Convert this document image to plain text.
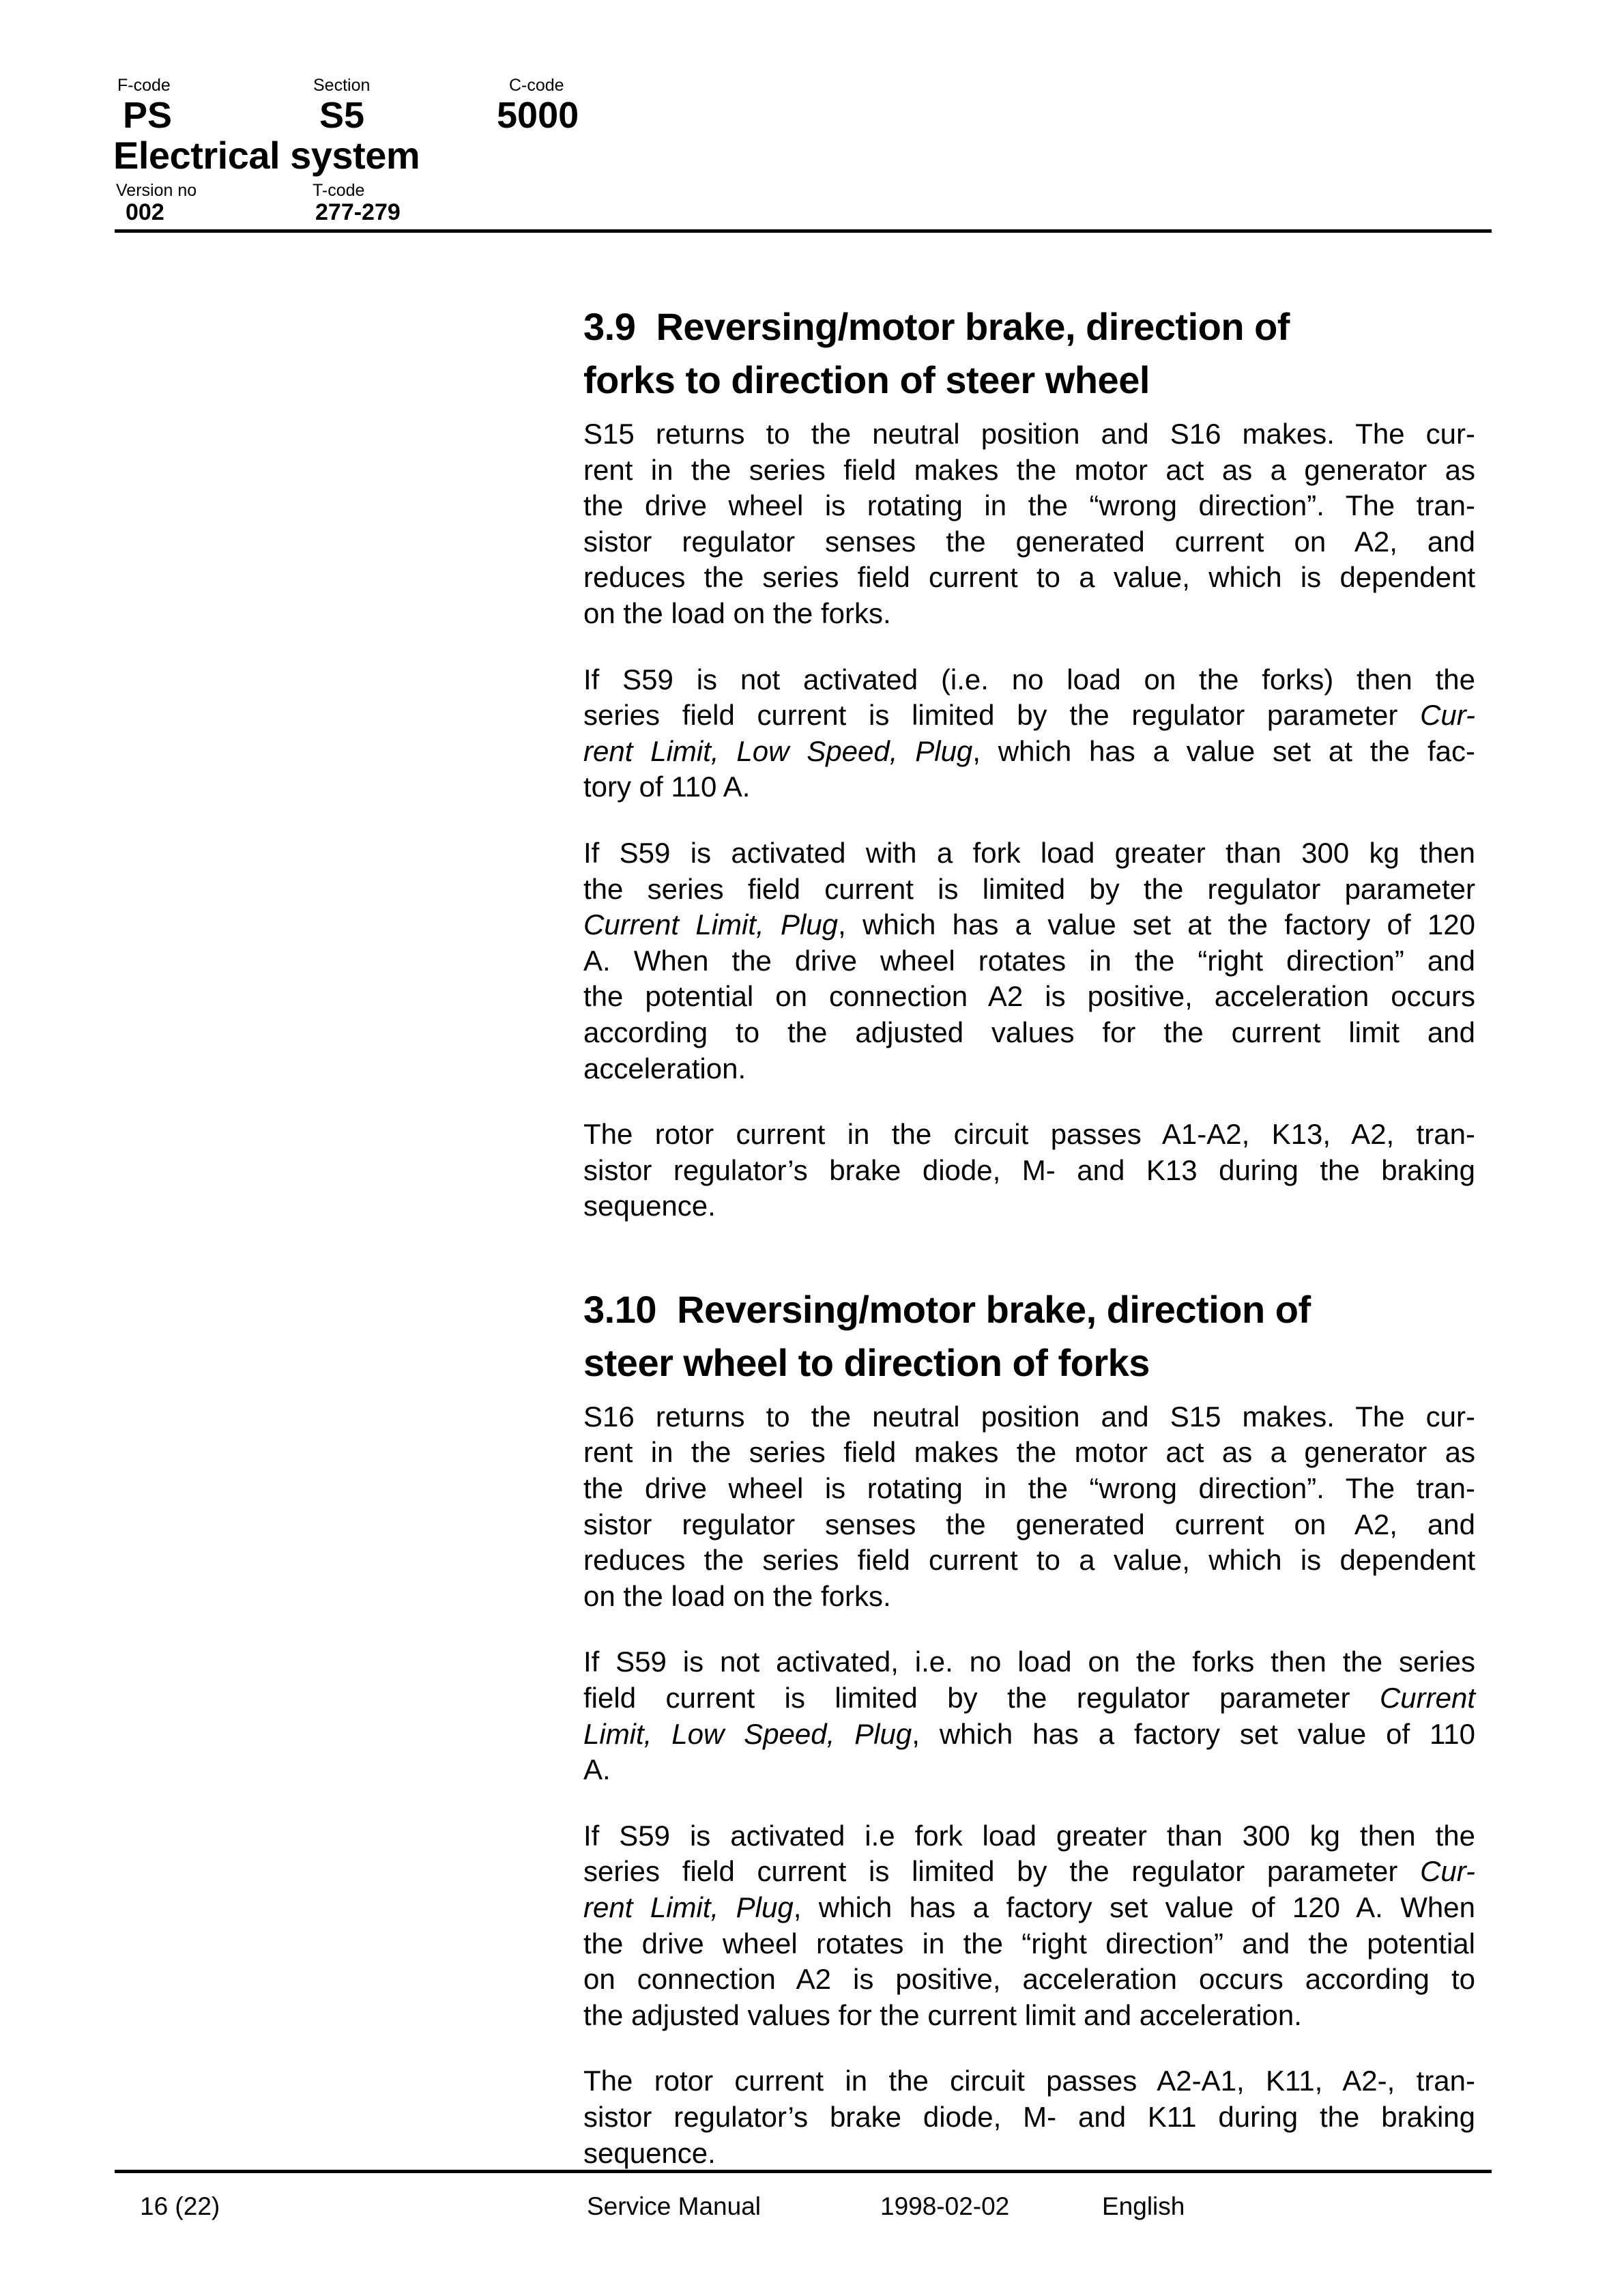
F-code	Section	C-code
PS	S5	5000
Electrical system
Version no	T-code
002	277-279
3.9  Reversing/motor brake, direction of
forks to direction of steer wheel
S15 returns to the neutral position and S16 makes. The cur-
rent in the series field makes the motor act as a generator as
the drive wheel is rotating in the “wrong direction”. The tran-
sistor regulator senses the generated current on A2, and
reduces the series field current to a value, which is dependent
on the load on the forks.
If S59 is not activated (i.e. no load on the forks) then the
series field current is limited by the regulator parameter Cur-
rent Limit, Low Speed, Plug, which has a value set at the fac-
tory of 110 A.
If S59 is activated with a fork load greater than 300 kg then
the series field current is limited by the regulator parameter
Current Limit, Plug, which has a value set at the factory of 120
A. When the drive wheel rotates in the “right direction” and
the potential on connection A2 is positive, acceleration occurs
according to the adjusted values for the current limit and
acceleration.
The rotor current in the circuit passes A1-A2, K13, A2, tran-
sistor regulator’s brake diode, M- and K13 during the braking
sequence.
3.10  Reversing/motor brake, direction of
steer wheel to direction of forks
S16 returns to the neutral position and S15 makes. The cur-
rent in the series field makes the motor act as a generator as
the drive wheel is rotating in the “wrong direction”. The tran-
sistor regulator senses the generated current on A2, and
reduces the series field current to a value, which is dependent
on the load on the forks.
If S59 is not activated, i.e. no load on the forks then the series
field current is limited by the regulator parameter Current
Limit, Low Speed, Plug, which has a factory set value of 110
A.
If S59 is activated i.e fork load greater than 300 kg then the
series field current is limited by the regulator parameter Cur-
rent Limit, Plug, which has a factory set value of 120 A. When
the drive wheel rotates in the “right direction” and the potential
on connection A2 is positive, acceleration occurs according to
the adjusted values for the current limit and acceleration.
The rotor current in the circuit passes A2-A1, K11, A2-, tran-
sistor regulator’s brake diode, M- and K11 during the braking
sequence.
16 (22)	Service Manual	1998-02-02	English
